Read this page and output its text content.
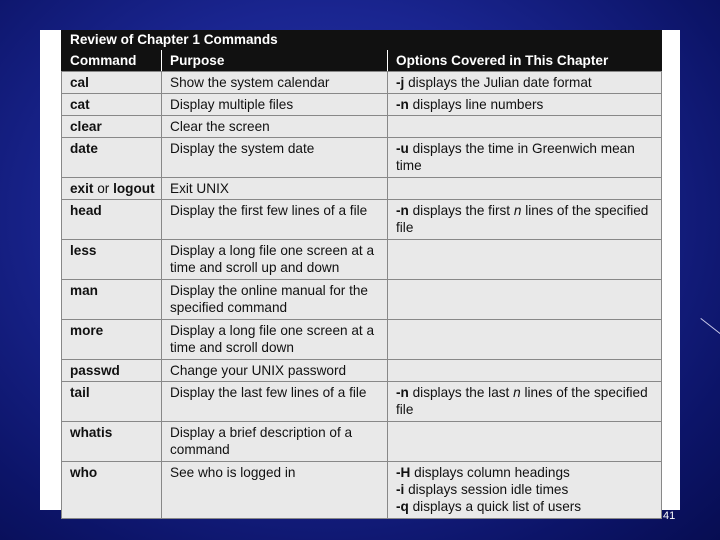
Review of Chapter 1 Commands		
Command	Purpose	Options Covered in This Chapter
cal	Show the system calendar	-j displays the Julian date format

cat	Display multiple files	-n displays line numbers

clear	Clear the screen	
date	Display the system date	-u displays the time in Greenwich mean time

exit or logout	Exit UNIX	
head	Display the first few lines of a file	-n displays the first n lines of the specified file

less	Display a long file one screen at a time and scroll up and down	
man	Display the online manual for the specified command	
more	Display a long file one screen at a time and scroll down	
passwd	Change your UNIX password	
tail	Display the last few lines of a file	-n displays the last n lines of the specified file

whatis	Display a brief description of a command	
who	See who is logged in	-H displays column headings
-i displays session idle times
-q displays a quick list of users
41
